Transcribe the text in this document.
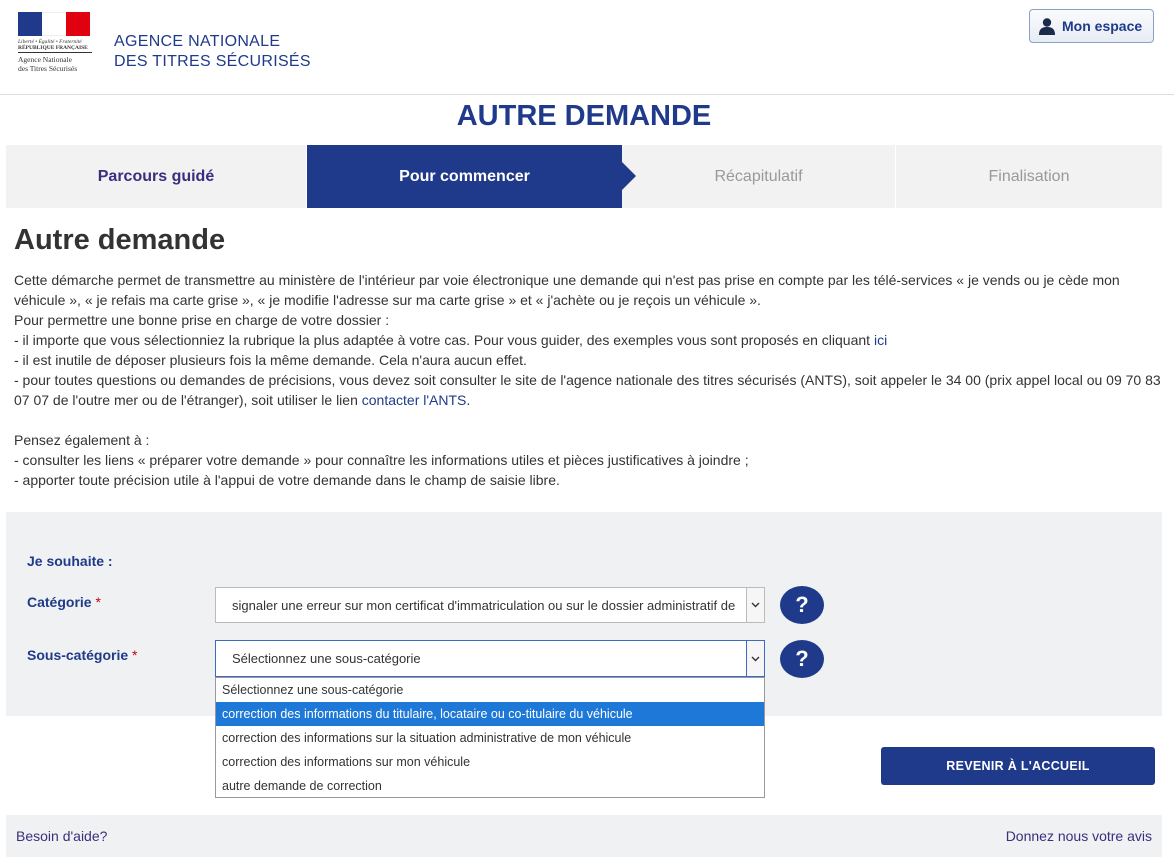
Liberté • Égalité • Fraternité
RÉPUBLIQUE FRANÇAISE
Agence Nationale
des Titres Sécurisés
AGENCE NATIONALE
DES TITRES SÉCURISÉS
Mon espace
AUTRE DEMANDE
Parcours guidé	Pour commencer	Récapitulatif	Finalisation
Autre demande
Cette démarche permet de transmettre au ministère de l'intérieur par voie électronique une demande qui n'est pas prise en compte par les télé-services « je vends ou je cède mon véhicule », « je refais ma carte grise », « je modifie l'adresse sur ma carte grise » et « j'achète ou je reçois un véhicule ».
Pour permettre une bonne prise en charge de votre dossier :
- il importe que vous sélectionniez la rubrique la plus adaptée à votre cas. Pour vous guider, des exemples vous sont proposés en cliquant ici
- il est inutile de déposer plusieurs fois la même demande. Cela n'aura aucun effet.
- pour toutes questions ou demandes de précisions, vous devez soit consulter le site de l'agence nationale des titres sécurisés (ANTS), soit appeler le 34 00 (prix appel local ou 09 70 83 07 07 de l'outre mer ou de l'étranger), soit utiliser le lien contacter l'ANTS.
Pensez également à :
- consulter les liens « préparer votre demande » pour connaître les informations utiles et pièces justificatives à joindre ;
- apporter toute précision utile à l'appui de votre demande dans le champ de saisie libre.
Je souhaite :
Catégorie *	signaler une erreur sur mon certificat d'immatriculation ou sur le dossier administratif de	?
Sous-catégorie *	Sélectionnez une sous-catégorie	?
Sélectionnez une sous-catégorie
correction des informations du titulaire, locataire ou co-titulaire du véhicule
correction des informations sur la situation administrative de mon véhicule
correction des informations sur mon véhicule
autre demande de correction
REVENIR À L'ACCUEIL
Besoin d'aide?	Donnez nous votre avis
